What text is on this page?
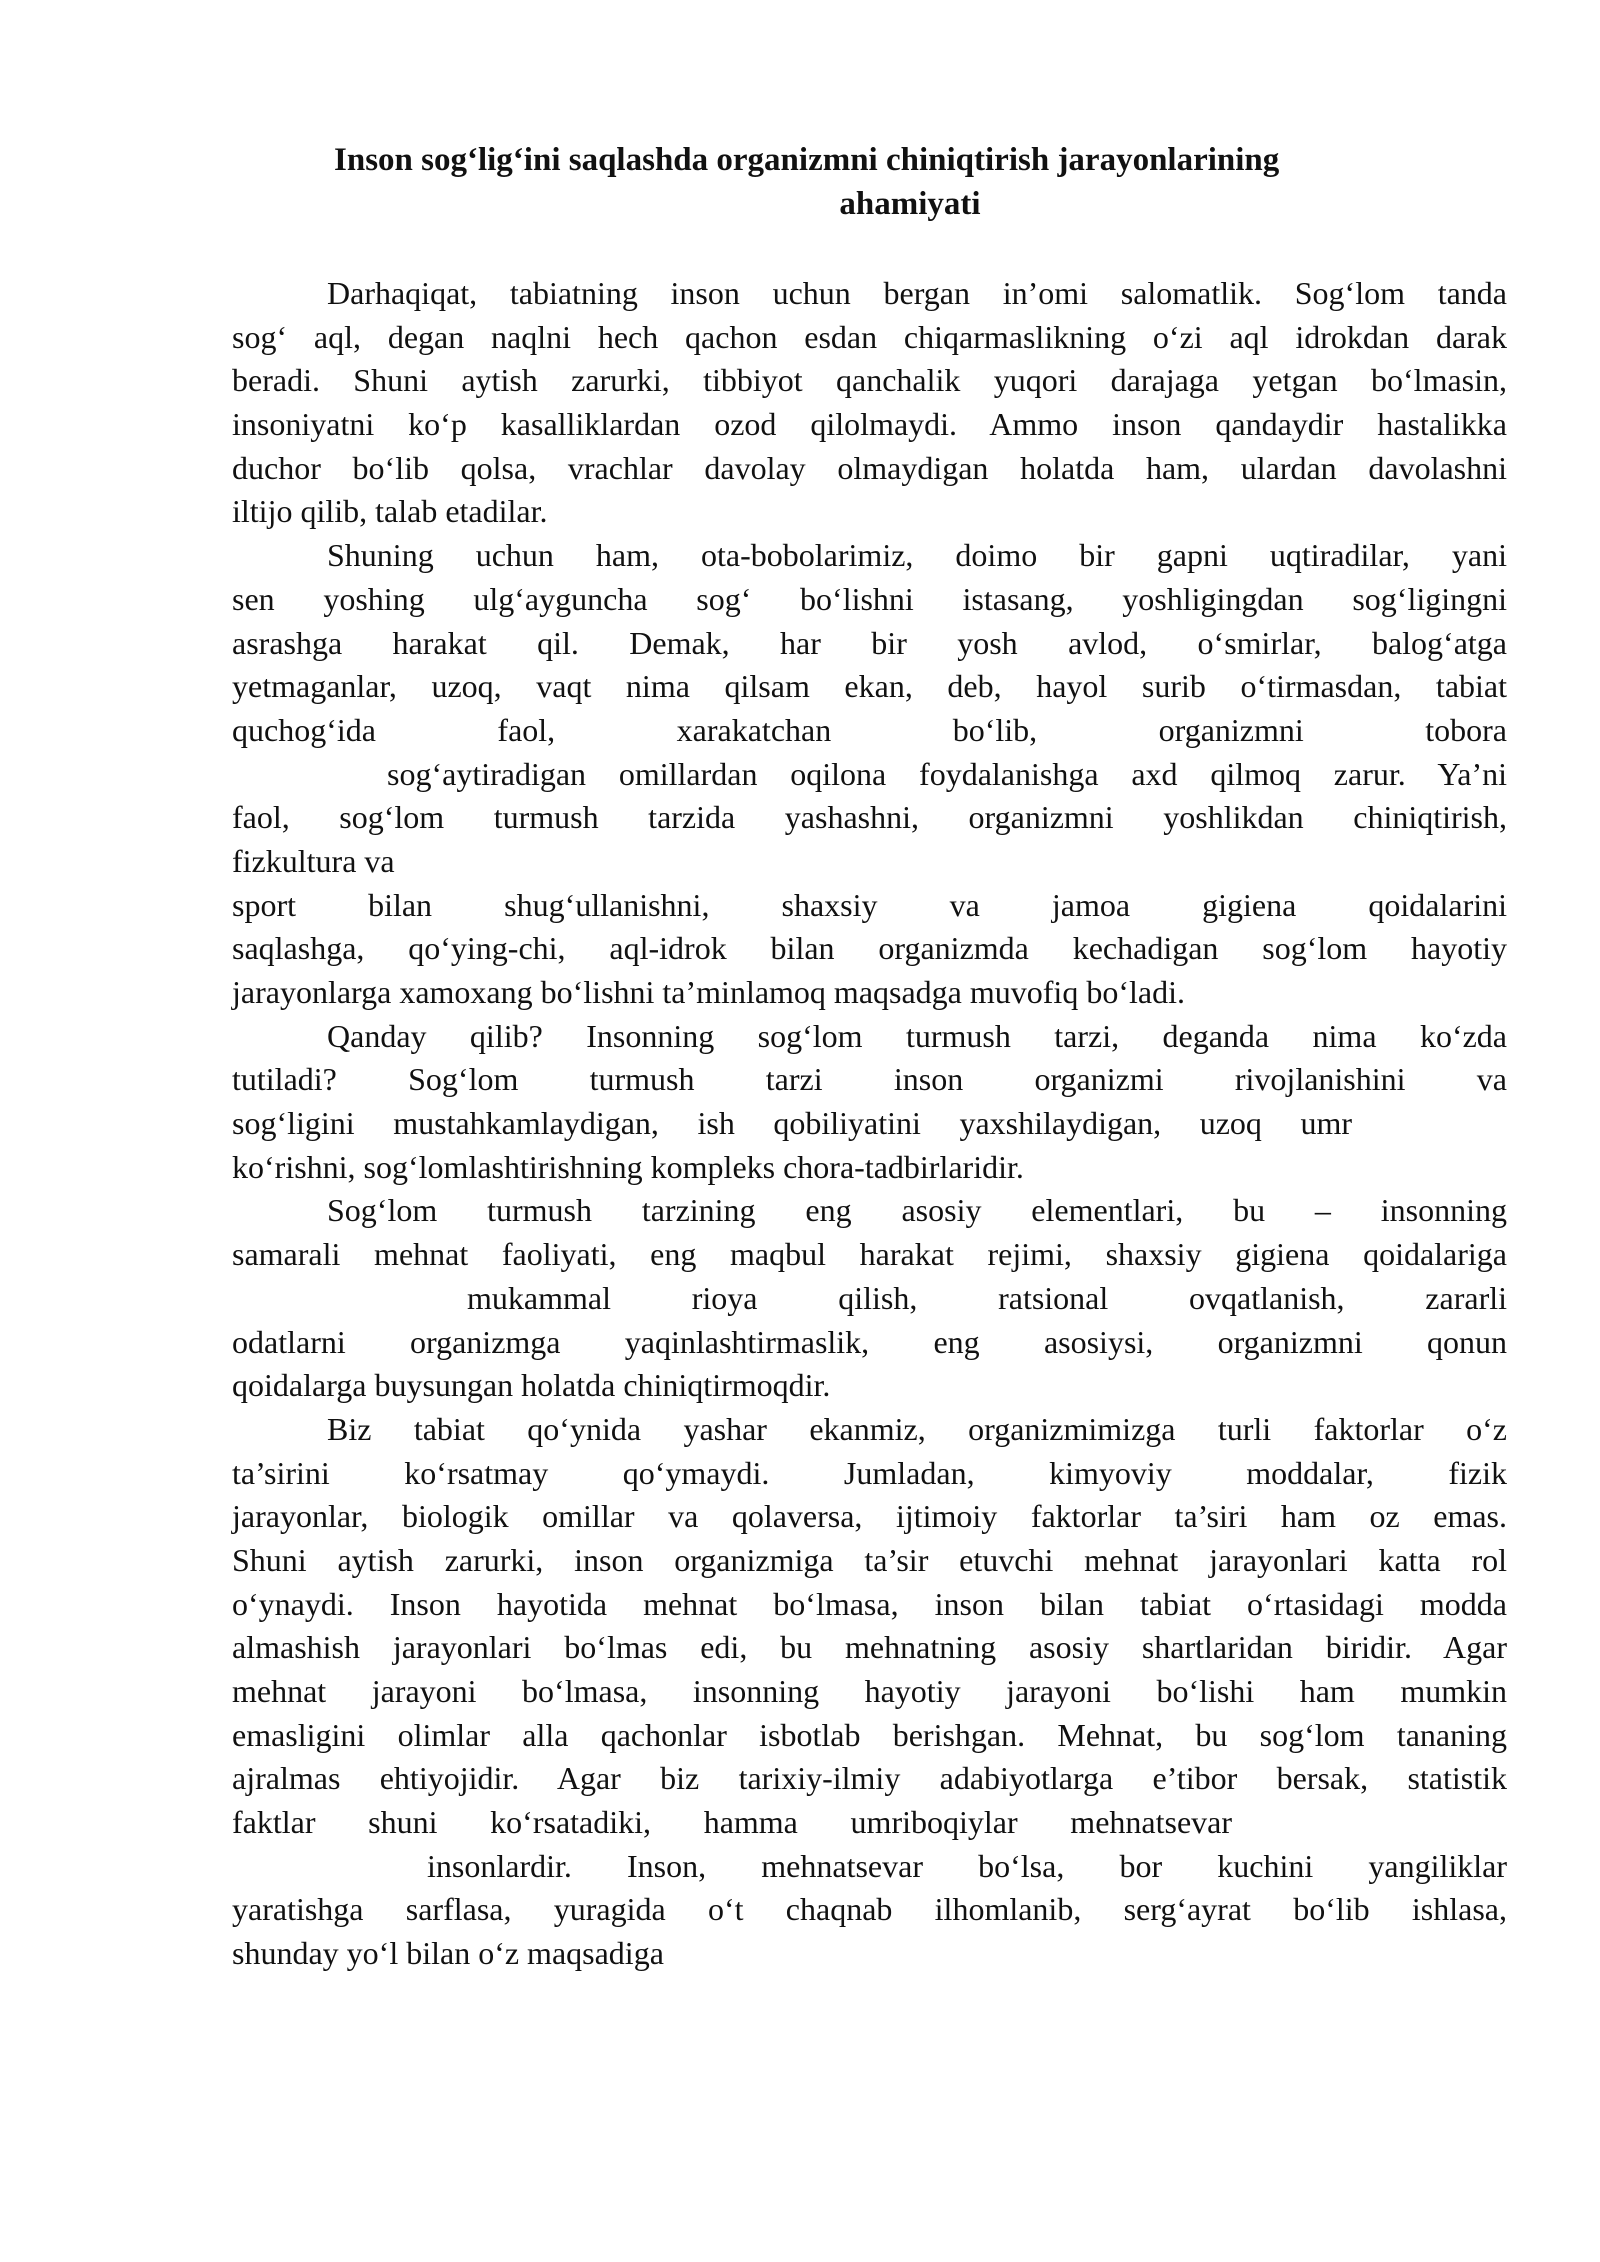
Inson sog‘lig‘ini saqlashda organizmni chiniqtirish jarayonlarining
ahamiyati
Darhaqiqat, tabiatning inson uchun bergan in’omi salomatlik. Sog‘lom tanda
sog‘ aql, degan naqlni hech qachon esdan chiqarmaslikning o‘zi aql idrokdan darak
beradi. Shuni aytish zarurki, tibbiyot qanchalik yuqori darajaga yetgan bo‘lmasin,
insoniyatni ko‘p kasalliklardan ozod qilolmaydi. Ammo inson qandaydir hastalikka
duchor bo‘lib qolsa, vrachlar davolay olmaydigan holatda ham, ulardan davolashni
iltijo qilib, talab etadilar.
Shuning uchun ham, ota-bobolarimiz, doimo bir gapni uqtiradilar, yani
sen yoshing ulg‘ayguncha sog‘ bo‘lishni istasang, yoshligingdan sog‘ligingni
asrashga harakat qil. Demak, har bir yosh avlod, o‘smirlar, balog‘atga
yetmaganlar, uzoq, vaqt nima qilsam ekan, deb, hayol surib o‘tirmasdan, tabiat
quchog‘ida faol, xarakatchan bo‘lib, organizmni tobora
sog‘aytiradigan omillardan oqilona foydalanishga axd qilmoq zarur. Ya’ni
faol, sog‘lom turmush tarzida yashashni, organizmni yoshlikdan chiniqtirish,
fizkultura va
sport bilan shug‘ullanishni, shaxsiy va jamoa gigiena qoidalarini
saqlashga, qo‘ying-chi, aql-idrok bilan organizmda kechadigan sog‘lom hayotiy
jarayonlarga xamoxang bo‘lishni ta’minlamoq maqsadga muvofiq bo‘ladi.
Qanday qilib? Insonning sog‘lom turmush tarzi, deganda nima ko‘zda
tutiladi? Sog‘lom turmush tarzi inson organizmi rivojlanishini va
sog‘ligini mustahkamlaydigan, ish qobiliyatini yaxshilaydigan, uzoq umr
ko‘rishni, sog‘lomlashtirishning kompleks chora-tadbirlaridir.
Sog‘lom turmush tarzining eng asosiy elementlari, bu – insonning
samarali mehnat faoliyati, eng maqbul harakat rejimi, shaxsiy gigiena qoidalariga
mukammal rioya qilish, ratsional ovqatlanish, zararli
odatlarni organizmga yaqinlashtirmaslik, eng asosiysi, organizmni qonun
qoidalarga buysungan holatda chiniqtirmoqdir.
Biz tabiat qo‘ynida yashar ekanmiz, organizmimizga turli faktorlar o‘z
ta’sirini ko‘rsatmay qo‘ymaydi. Jumladan, kimyoviy moddalar, fizik
jarayonlar, biologik omillar va qolaversa, ijtimoiy faktorlar ta’siri ham oz emas.
Shuni aytish zarurki, inson organizmiga ta’sir etuvchi mehnat jarayonlari katta rol
o‘ynaydi. Inson hayotida mehnat bo‘lmasa, inson bilan tabiat o‘rtasidagi modda
almashish jarayonlari bo‘lmas edi, bu mehnatning asosiy shartlaridan biridir. Agar
mehnat jarayoni bo‘lmasa, insonning hayotiy jarayoni bo‘lishi ham mumkin
emasligini olimlar alla qachonlar isbotlab berishgan. Mehnat, bu sog‘lom tananing
ajralmas ehtiyojidir. Agar biz tarixiy-ilmiy adabiyotlarga e’tibor bersak, statistik
faktlar shuni ko‘rsatadiki, hamma umriboqiylar mehnatsevar
insonlardir. Inson, mehnatsevar bo‘lsa, bor kuchini yangiliklar
yaratishga sarflasa, yuragida o‘t chaqnab ilhomlanib, serg‘ayrat bo‘lib ishlasa,
shunday yo‘l bilan o‘z maqsadiga
